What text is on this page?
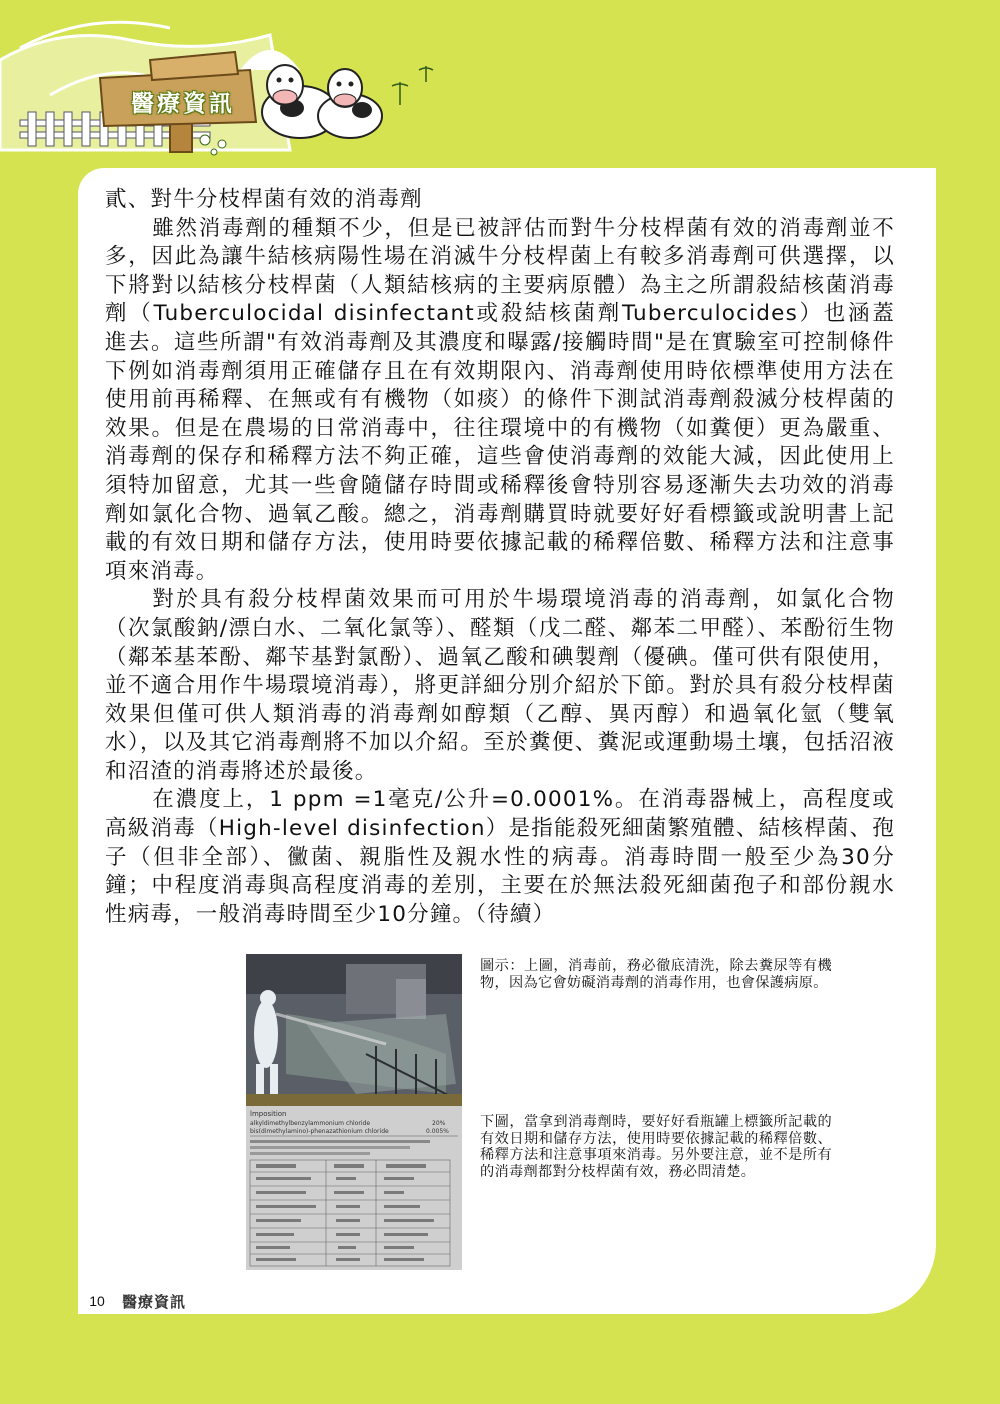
醫療資訊
貳、對牛分枝桿菌有效的消毒劑

雖然消毒劑的種類不少，但是已被評估而對牛分枝桿菌有效的消毒劑並不多，因此為讓牛結核病陽性場在消滅牛分枝桿菌上有較多消毒劑可供選擇，以下將對以結核分枝桿菌（人類結核病的主要病原體）為主之所謂殺結核菌消毒劑（Tuberculocidal disinfectant或殺結核菌劑Tuberculocides）也涵蓋進去。這些所謂"有效消毒劑及其濃度和曝露/接觸時間"是在實驗室可控制條件下例如消毒劑須用正確儲存且在有效期限內、消毒劑使用時依標準使用方法在使用前再稀釋、在無或有有機物（如痰）的條件下測試消毒劑殺滅分枝桿菌的效果。但是在農場的日常消毒中，往往環境中的有機物（如糞便）更為嚴重、消毒劑的保存和稀釋方法不夠正確，這些會使消毒劑的效能大減，因此使用上須特加留意，尤其一些會隨儲存時間或稀釋後會特別容易逐漸失去功效的消毒劑如氯化合物、過氧乙酸。總之，消毒劑購買時就要好好看標籤或說明書上記載的有效日期和儲存方法，使用時要依據記載的稀釋倍數、稀釋方法和注意事項來消毒。

對於具有殺分枝桿菌效果而可用於牛場環境消毒的消毒劑，如氯化合物（次氯酸鈉/漂白水、二氧化氯等）、醛類（戊二醛、鄰苯二甲醛）、苯酚衍生物（鄰苯基苯酚、鄰苄基對氯酚）、過氧乙酸和碘製劑（優碘。僅可供有限使用，並不適合用作牛場環境消毒），將更詳細分別介紹於下節。對於具有殺分枝桿菌效果但僅可供人類消毒的消毒劑如醇類（乙醇、異丙醇）和過氧化氫（雙氧水），以及其它消毒劑將不加以介紹。至於糞便、糞泥或運動場土壤，包括沼液和沼渣的消毒將述於最後。

在濃度上，1 ppm =1毫克/公升=0.0001%。在消毒器械上，高程度或高級消毒（High-level disinfection）是指能殺死細菌繁殖體、結核桿菌、孢子（但非全部）、黴菌、親脂性及親水性的病毒。消毒時間一般至少為30分鐘；中程度消毒與高程度消毒的差別，主要在於無法殺死細菌孢子和部份親水性病毒，一般消毒時間至少10分鐘。（待續）

lmposition
alkyldimethylbenzylammonium chloride	20%
bis(dimethylamino)-phenazathionium chloride	0.005%
圖示：上圖，消毒前，務必徹底清洗，除去糞尿等有機物，因為它會妨礙消毒劑的消毒作用，也會保護病原。
下圖，當拿到消毒劑時，要好好看瓶罐上標籤所記載的有效日期和儲存方法，使用時要依據記載的稀釋倍數、稀釋方法和注意事項來消毒。另外要注意，並不是所有的消毒劑都對分枝桿菌有效，務必問清楚。
10	醫療資訊
